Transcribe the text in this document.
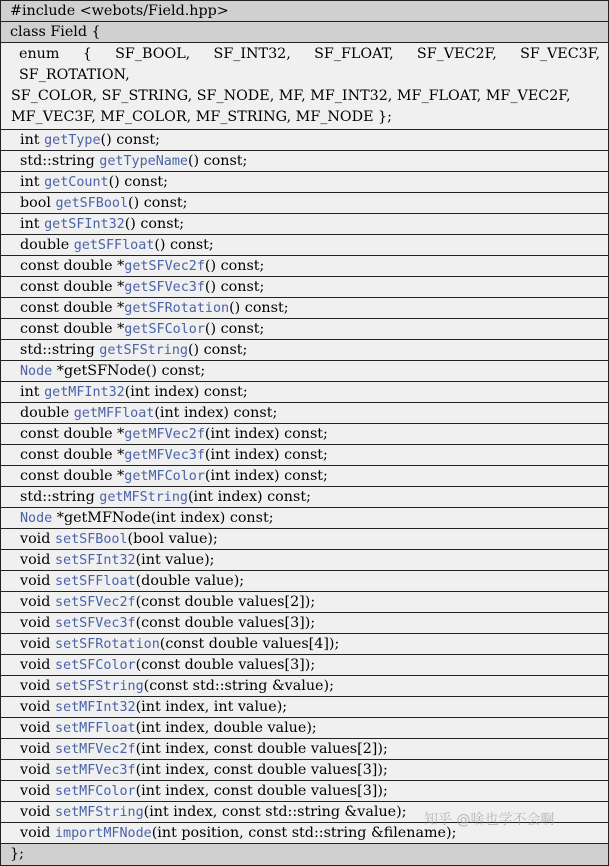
#include <webots/Field.hpp>
class Field {
enum { SF_BOOL, SF_INT32, SF_FLOAT, SF_VEC2F, SF_VEC3F, SF_ROTATION,
SF_COLOR, SF_STRING, SF_NODE, MF, MF_INT32, MF_FLOAT, MF_VEC2F,
MF_VEC3F, MF_COLOR, MF_STRING, MF_NODE };
int getType() const;
std::string getTypeName() const;
int getCount() const;
bool getSFBool() const;
int getSFInt32() const;
double getSFFloat() const;
const double *getSFVec2f() const;
const double *getSFVec3f() const;
const double *getSFRotation() const;
const double *getSFColor() const;
std::string getSFString() const;
Node *getSFNode() const;
int getMFInt32(int index) const;
double getMFFloat(int index) const;
const double *getMFVec2f(int index) const;
const double *getMFVec3f(int index) const;
const double *getMFColor(int index) const;
std::string getMFString(int index) const;
Node *getMFNode(int index) const;
void setSFBool(bool value);
void setSFInt32(int value);
void setSFFloat(double value);
void setSFVec2f(const double values[2]);
void setSFVec3f(const double values[3]);
void setSFRotation(const double values[4]);
void setSFColor(const double values[3]);
void setSFString(const std::string &value);
void setMFInt32(int index, int value);
void setMFFloat(int index, double value);
void setMFVec2f(int index, const double values[2]);
void setMFVec3f(int index, const double values[3]);
void setMFColor(int index, const double values[3]);
void setMFString(int index, const std::string &value);
void importMFNode(int position, const std::string &filename);
};
知乎 @啥也学不会啊
